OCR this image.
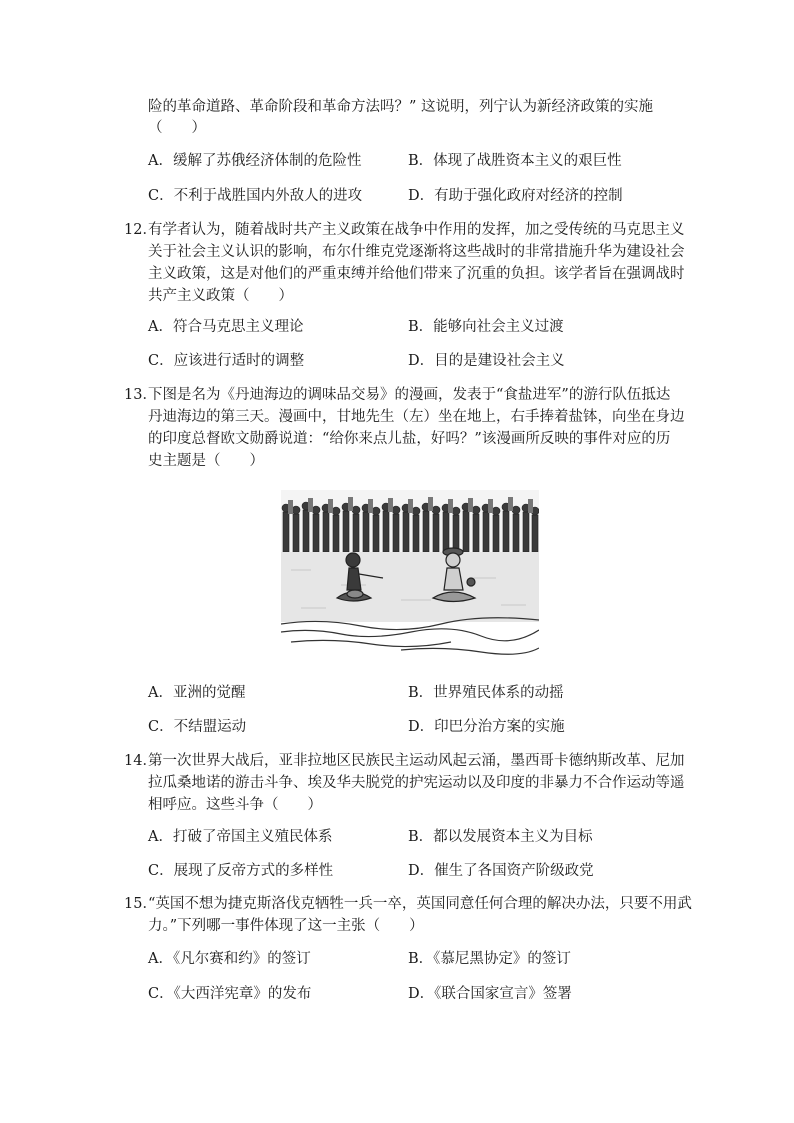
险的革命道路、革命阶段和革命方法吗？” 这说明，列宁认为新经济政策的实施
（　　）
A．缓解了苏俄经济体制的危险性	B．体现了战胜资本主义的艰巨性
C．不利于战胜国内外敌人的进攻	D．有助于强化政府对经济的控制
12．
有学者认为，随着战时共产主义政策在战争中作用的发挥，加之受传统的马克思主义
关于社会主义认识的影响，布尔什维克党逐渐将这些战时的非常措施升华为建设社会
主义政策，这是对他们的严重束缚并给他们带来了沉重的负担。该学者旨在强调战时
共产主义政策（　　）
A．符合马克思主义理论	B．能够向社会主义过渡
C．应该进行适时的调整	D．目的是建设社会主义
13．
下图是名为《丹迪海边的调味品交易》的漫画，发表于“食盐进军”的游行队伍抵达
丹迪海边的第三天。漫画中，甘地先生（左）坐在地上，右手捧着盐钵，向坐在身边
的印度总督欧文勋爵说道：“给你来点儿盐，好吗？”该漫画所反映的事件对应的历
史主题是（　　）
A．亚洲的觉醒	B．世界殖民体系的动摇
C．不结盟运动	D．印巴分治方案的实施
14．
第一次世界大战后，亚非拉地区民族民主运动风起云涌，墨西哥卡德纳斯改革、尼加
拉瓜桑地诺的游击斗争、埃及华夫脱党的护宪运动以及印度的非暴力不合作运动等遥
相呼应。这些斗争（　　）
A．打破了帝国主义殖民体系	B．都以发展资本主义为目标
C．展现了反帝方式的多样性	D．催生了各国资产阶级政党
15．
“英国不想为捷克斯洛伐克牺牲一兵一卒，英国同意任何合理的解决办法，只要不用武
力。”下列哪一事件体现了这一主张（　　）
A．《凡尔赛和约》的签订	B．《慕尼黑协定》的签订
C．《大西洋宪章》的发布	D．《联合国家宣言》签署
